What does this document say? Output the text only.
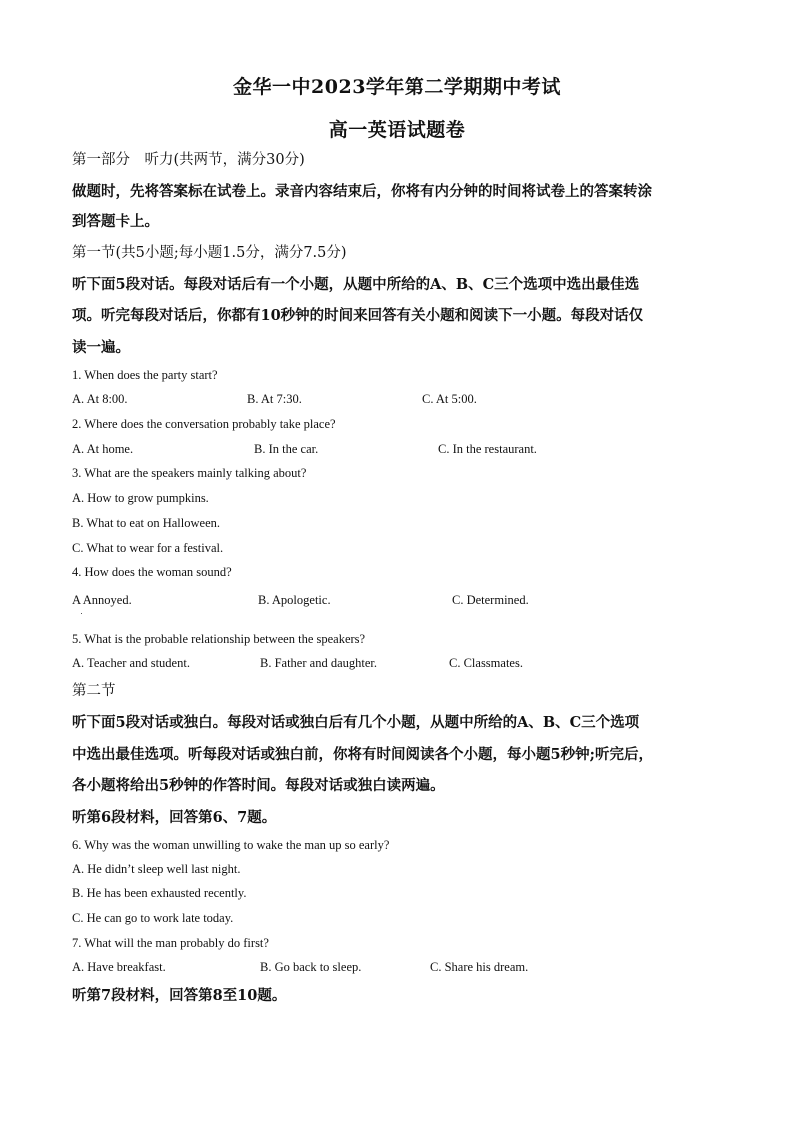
金华一中2023学年第二学期期中考试
高一英语试题卷
第一部分　听力(共两节，满分30分)
做题时，先将答案标在试卷上。录音内容结束后，你将有内分钟的时间将试卷上的答案转涂
到答题卡上。
第一节(共5小题;每小题1.5分，满分7.5分)
听下面5段对话。每段对话后有一个小题，从题中所给的A、B、C三个选项中选出最佳选
项。听完每段对话后，你都有10秒钟的时间来回答有关小题和阅读下一小题。每段对话仅
读一遍。
1. When does the party start?
A. At 8:00.	B. At 7:30.	C. At 5:00.
2. Where does the conversation probably take place?
A. At home.	B. In the car.	C. In the restaurant.
3. What are the speakers mainly talking about?
A. How to grow pumpkins.
B. What to eat on Halloween.
C. What to wear for a festival.
4. How does the woman sound?
A Annoyed.	B. Apologetic.	C. Determined.
5. What is the probable relationship between the speakers?
A. Teacher and student.	B. Father and daughter.	C. Classmates.
第二节
听下面5段对话或独白。每段对话或独白后有几个小题，从题中所给的A、B、C三个选项
中选出最佳选项。听每段对话或独白前，你将有时间阅读各个小题，每小题5秒钟;听完后，
各小题将给出5秒钟的作答时间。每段对话或独白读两遍。
听第6段材料，回答第6、7题。
6. Why was the woman unwilling to wake the man up so early?
A. He didn’t sleep well last night.
B. He has been exhausted recently.
C. He can go to work late today.
7. What will the man probably do first?
A. Have breakfast.	B. Go back to sleep.	C. Share his dream.
听第7段材料，回答第8至10题。
